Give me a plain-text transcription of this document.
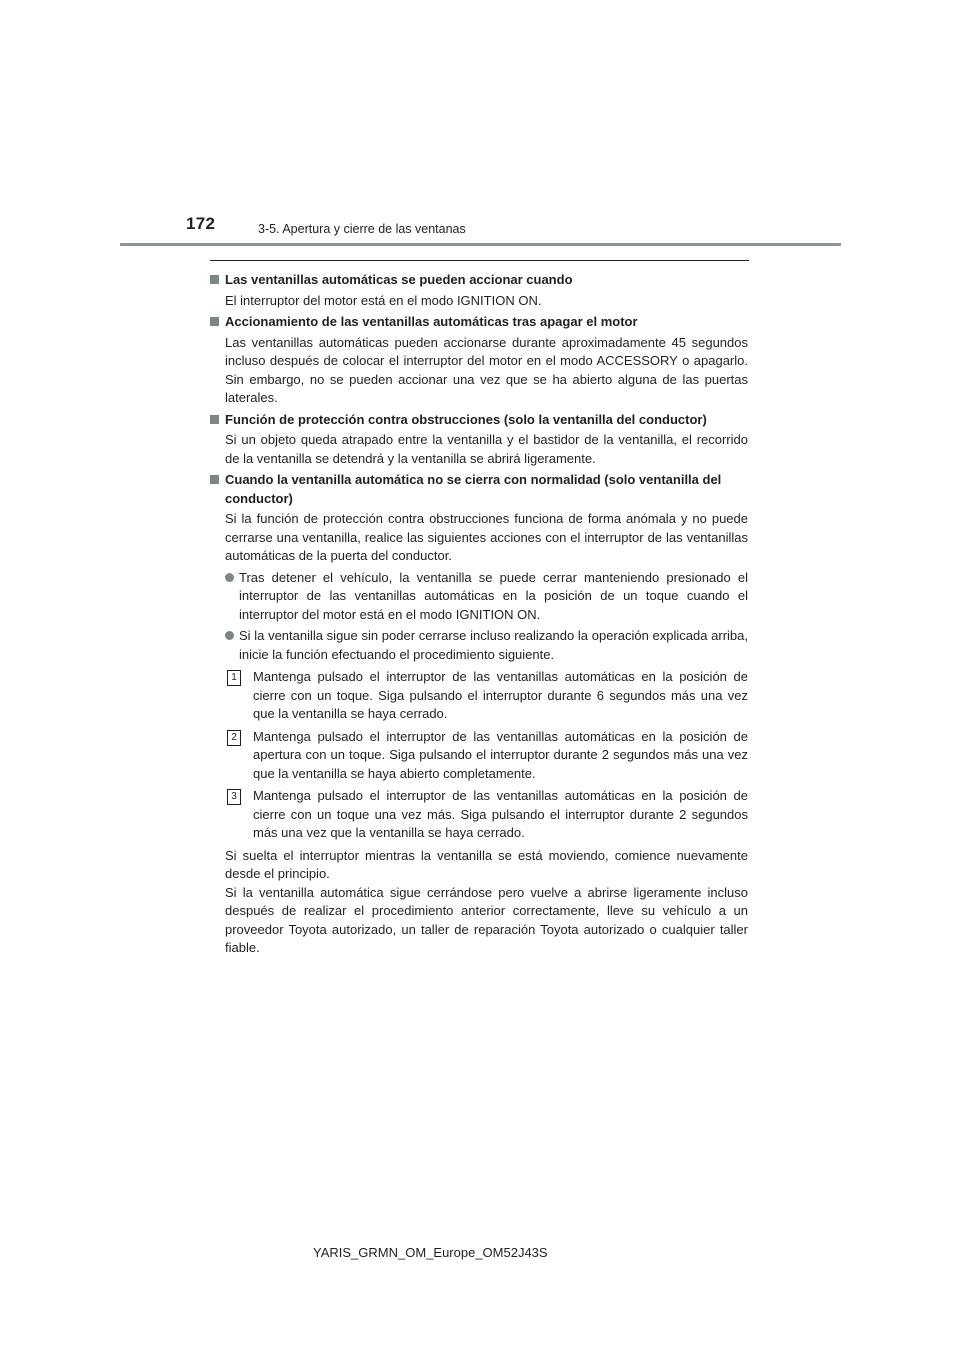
172	3-5. Apertura y cierre de las ventanas
Las ventanillas automáticas se pueden accionar cuando
El interruptor del motor está en el modo IGNITION ON.
Accionamiento de las ventanillas automáticas tras apagar el motor
Las ventanillas automáticas pueden accionarse durante aproximadamente 45 segundos incluso después de colocar el interruptor del motor en el modo ACCESSORY o apagarlo. Sin embargo, no se pueden accionar una vez que se ha abierto alguna de las puertas laterales.
Función de protección contra obstrucciones (solo la ventanilla del conductor)
Si un objeto queda atrapado entre la ventanilla y el bastidor de la ventanilla, el recorrido de la ventanilla se detendrá y la ventanilla se abrirá ligeramente.
Cuando la ventanilla automática no se cierra con normalidad (solo ventanilla del conductor)
Si la función de protección contra obstrucciones funciona de forma anómala y no puede cerrarse una ventanilla, realice las siguientes acciones con el interruptor de las ventanillas automáticas de la puerta del conductor.
Tras detener el vehículo, la ventanilla se puede cerrar manteniendo presionado el interruptor de las ventanillas automáticas en la posición de un toque cuando el interruptor del motor está en el modo IGNITION ON.
Si la ventanilla sigue sin poder cerrarse incluso realizando la operación explicada arriba, inicie la función efectuando el procedimiento siguiente.
1	Mantenga pulsado el interruptor de las ventanillas automáticas en la posición de cierre con un toque. Siga pulsando el interruptor durante 6 segundos más una vez que la ventanilla se haya cerrado.
2	Mantenga pulsado el interruptor de las ventanillas automáticas en la posición de apertura con un toque. Siga pulsando el interruptor durante 2 segundos más una vez que la ventanilla se haya abierto completamente.
3	Mantenga pulsado el interruptor de las ventanillas automáticas en la posición de cierre con un toque una vez más. Siga pulsando el interruptor durante 2 segundos más una vez que la ventanilla se haya cerrado.
Si suelta el interruptor mientras la ventanilla se está moviendo, comience nuevamente desde el principio.
Si la ventanilla automática sigue cerrándose pero vuelve a abrirse ligeramente incluso después de realizar el procedimiento anterior correctamente, lleve su vehículo a un proveedor Toyota autorizado, un taller de reparación Toyota autorizado o cualquier taller fiable.
YARIS_GRMN_OM_Europe_OM52J43S
